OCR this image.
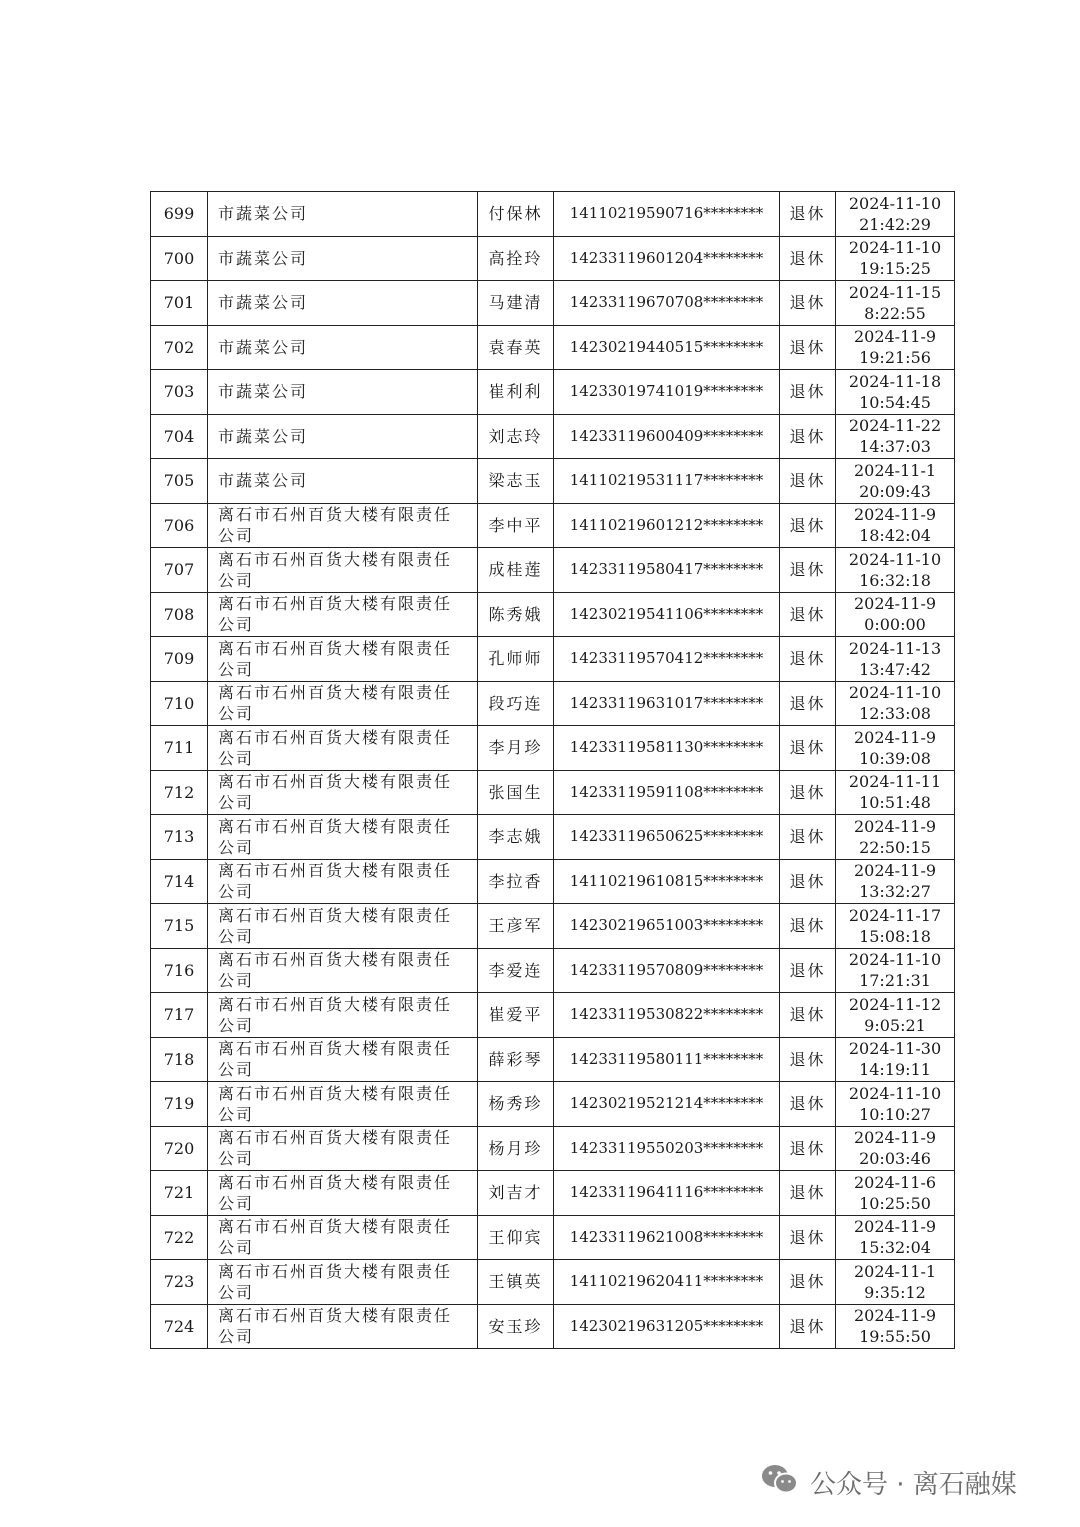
699	市蔬菜公司	付保林	14110219590716********	退休	2024-11-10
21:42:29

700	市蔬菜公司	高拴玲	14233119601204********	退休	2024-11-10
19:15:25

701	市蔬菜公司	马建清	14233119670708********	退休	2024-11-15
8:22:55

702	市蔬菜公司	袁春英	14230219440515********	退休	2024-11-9
19:21:56

703	市蔬菜公司	崔利利	14233019741019********	退休	2024-11-18
10:54:45

704	市蔬菜公司	刘志玲	14233119600409********	退休	2024-11-22
14:37:03

705	市蔬菜公司	梁志玉	14110219531117********	退休	2024-11-1
20:09:43

706	离石市石州百货大楼有限责任公司	李中平	14110219601212********	退休	2024-11-9
18:42:04

707	离石市石州百货大楼有限责任公司	成桂莲	14233119580417********	退休	2024-11-10
16:32:18

708	离石市石州百货大楼有限责任公司	陈秀娥	14230219541106********	退休	2024-11-9
0:00:00

709	离石市石州百货大楼有限责任公司	孔师师	14233119570412********	退休	2024-11-13
13:47:42

710	离石市石州百货大楼有限责任公司	段巧连	14233119631017********	退休	2024-11-10
12:33:08

711	离石市石州百货大楼有限责任公司	李月珍	14233119581130********	退休	2024-11-9
10:39:08

712	离石市石州百货大楼有限责任公司	张国生	14233119591108********	退休	2024-11-11
10:51:48

713	离石市石州百货大楼有限责任公司	李志娥	14233119650625********	退休	2024-11-9
22:50:15

714	离石市石州百货大楼有限责任公司	李拉香	14110219610815********	退休	2024-11-9
13:32:27

715	离石市石州百货大楼有限责任公司	王彦军	14230219651003********	退休	2024-11-17
15:08:18

716	离石市石州百货大楼有限责任公司	李爱连	14233119570809********	退休	2024-11-10
17:21:31

717	离石市石州百货大楼有限责任公司	崔爱平	14233119530822********	退休	2024-11-12
9:05:21

718	离石市石州百货大楼有限责任公司	薛彩琴	14233119580111********	退休	2024-11-30
14:19:11

719	离石市石州百货大楼有限责任公司	杨秀珍	14230219521214********	退休	2024-11-10
10:10:27

720	离石市石州百货大楼有限责任公司	杨月珍	14233119550203********	退休	2024-11-9
20:03:46

721	离石市石州百货大楼有限责任公司	刘吉才	14233119641116********	退休	2024-11-6
10:25:50

722	离石市石州百货大楼有限责任公司	王仰宾	14233119621008********	退休	2024-11-9
15:32:04

723	离石市石州百货大楼有限责任公司	王镇英	14110219620411********	退休	2024-11-1
9:35:12

724	离石市石州百货大楼有限责任公司	安玉珍	14230219631205********	退休	2024-11-9
19:55:50
公众号 · 离石融媒
